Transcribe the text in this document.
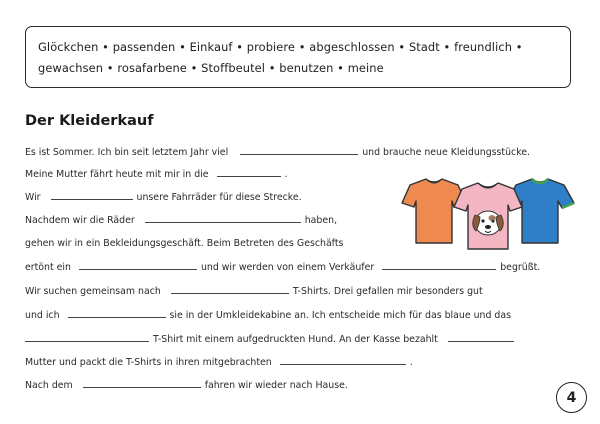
Glöckchen • passenden • Einkauf • probiere • abgeschlossen • Stadt • freundlich •
gewachsen • rosafarbene • Stoffbeutel • benutzen • meine
Der Kleiderkauf
Es ist Sommer. Ich bin seit letztem Jahr viel	und brauche neue Kleidungsstücke.
Meine Mutter fährt heute mit mir in die	.
Wir	unsere Fahrräder für diese Strecke.
Nachdem wir die Räder	haben,
gehen wir in ein Bekleidungsgeschäft. Beim Betreten des Geschäfts
ertönt ein	und wir werden von einem Verkäufer	begrüßt.
Wir suchen gemeinsam nach	T-Shirts. Drei gefallen mir besonders gut
und ich	sie in der Umkleidekabine an. Ich entscheide mich für das blaue und das
T-Shirt mit einem aufgedruckten Hund. An der Kasse bezahlt
Mutter und packt die T-Shirts in ihren mitgebrachten	.
Nach dem	fahren wir wieder nach Hause.
4
